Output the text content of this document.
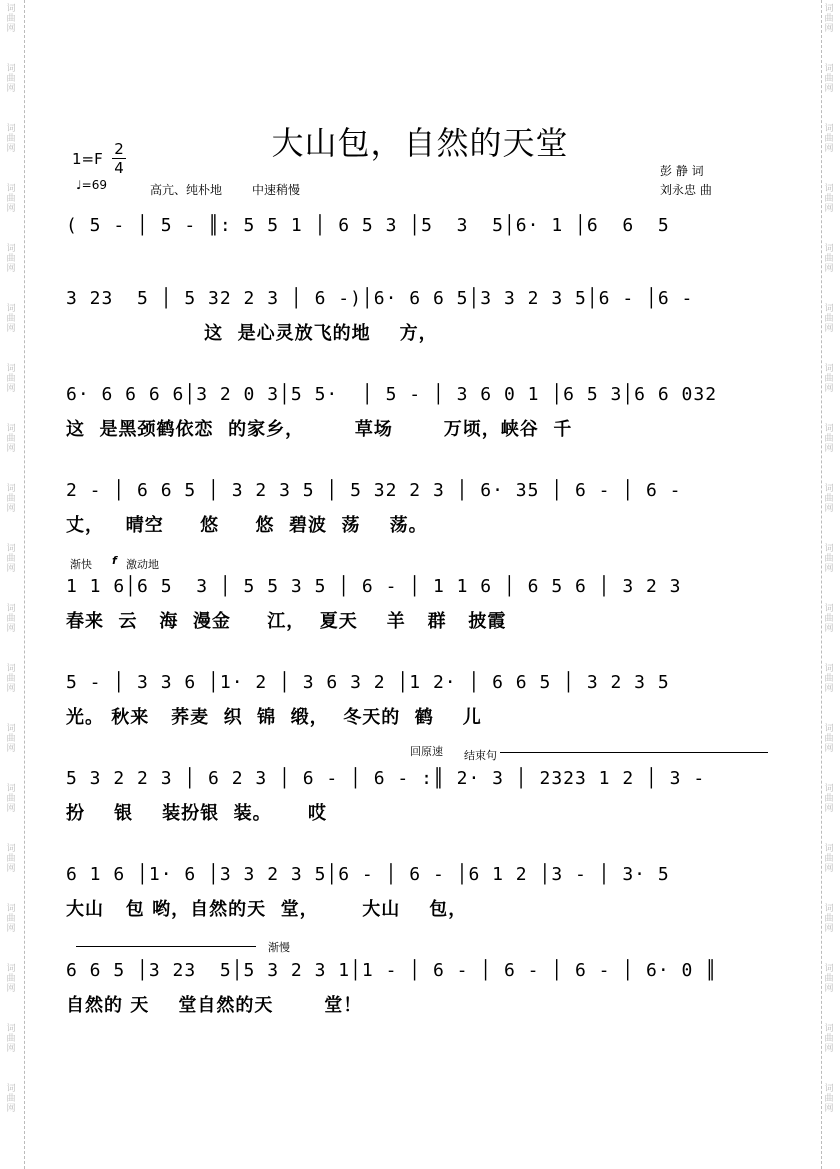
大山包，自然的天堂
$1=F \frac{2}{4}$
♩=69	高亢、纯朴地 中速稍慢
彭 静 词
刘永忠 曲
( 5 - │ 5 - ║: 5 5 1 │ 6 5 3 │5  3  5│6· 1 │6  6  5
3 23  5 │ 5 32 2 3 │ 6 -)│6· 6 6 5│3 3 2 3 5│6 - │6 -
这  是心灵放飞的地    方，
6· 6 6 6 6│3 2 0 3│5 5·  │ 5 - │ 3 6 0 1 │6 5 3│6 6 032
这  是黑颈鹤依恋  的家乡，       草场       万顷，峡谷  千
2 - │ 6 6 5 │ 3 2 3 5 │ 5 32 2 3 │ 6· 35 │ 6 - │ 6 -
丈，   晴空     悠     悠  碧波  荡    荡。
渐快 f 激动地
1 1 6│6 5  3 │ 5 5 3 5 │ 6 - │ 1 1 6 │ 6 5 6 │ 3 2 3
春来  云   海  漫金     江，  夏天    羊   群   披霞
5 - │ 3 3 6 │1· 2 │ 3 6 3 2 │1 2· │ 6 6 5 │ 3 2 3 5
光。 秋来   荞麦  织  锦  缎，  冬天的  鹤    儿
回原速 结束句
5 3 2 2 3 │ 6 2 3 │ 6 - │ 6 - :║ 2· 3 │ 2323 1 2 │ 3 -
扮    银    装扮银  装。     哎
6 1 6 │1· 6 │3 3 2 3 5│6 - │ 6 - │6 1 2 │3 - │ 3· 5
大山   包 哟，自然的天  堂，      大山    包，
渐慢
6 6 5 │3 23  5│5 3 2 3 1│1 - │ 6 - │ 6 - │ 6 - │ 6· 0 ║
自然的 天    堂自然的天       堂！
词
曲
网
词
曲
网
词
曲
网
词
曲
网
词
曲
网
词
曲
网
词
曲
网
词
曲
网
词
曲
网
词
曲
网
词
曲
网
词
曲
网
词
曲
网
词
曲
网
词
曲
网
词
曲
网
词
曲
网
词
曲
网
词
曲
网
词
曲
网
词
曲
网
词
曲
网
词
曲
网
词
曲
网
词
曲
网
词
曲
网
词
曲
网
词
曲
网
词
曲
网
词
曲
网
词
曲
网
词
曲
网
词
曲
网
词
曲
网
词
曲
网
词
曲
网
词
曲
网
词
曲
网
